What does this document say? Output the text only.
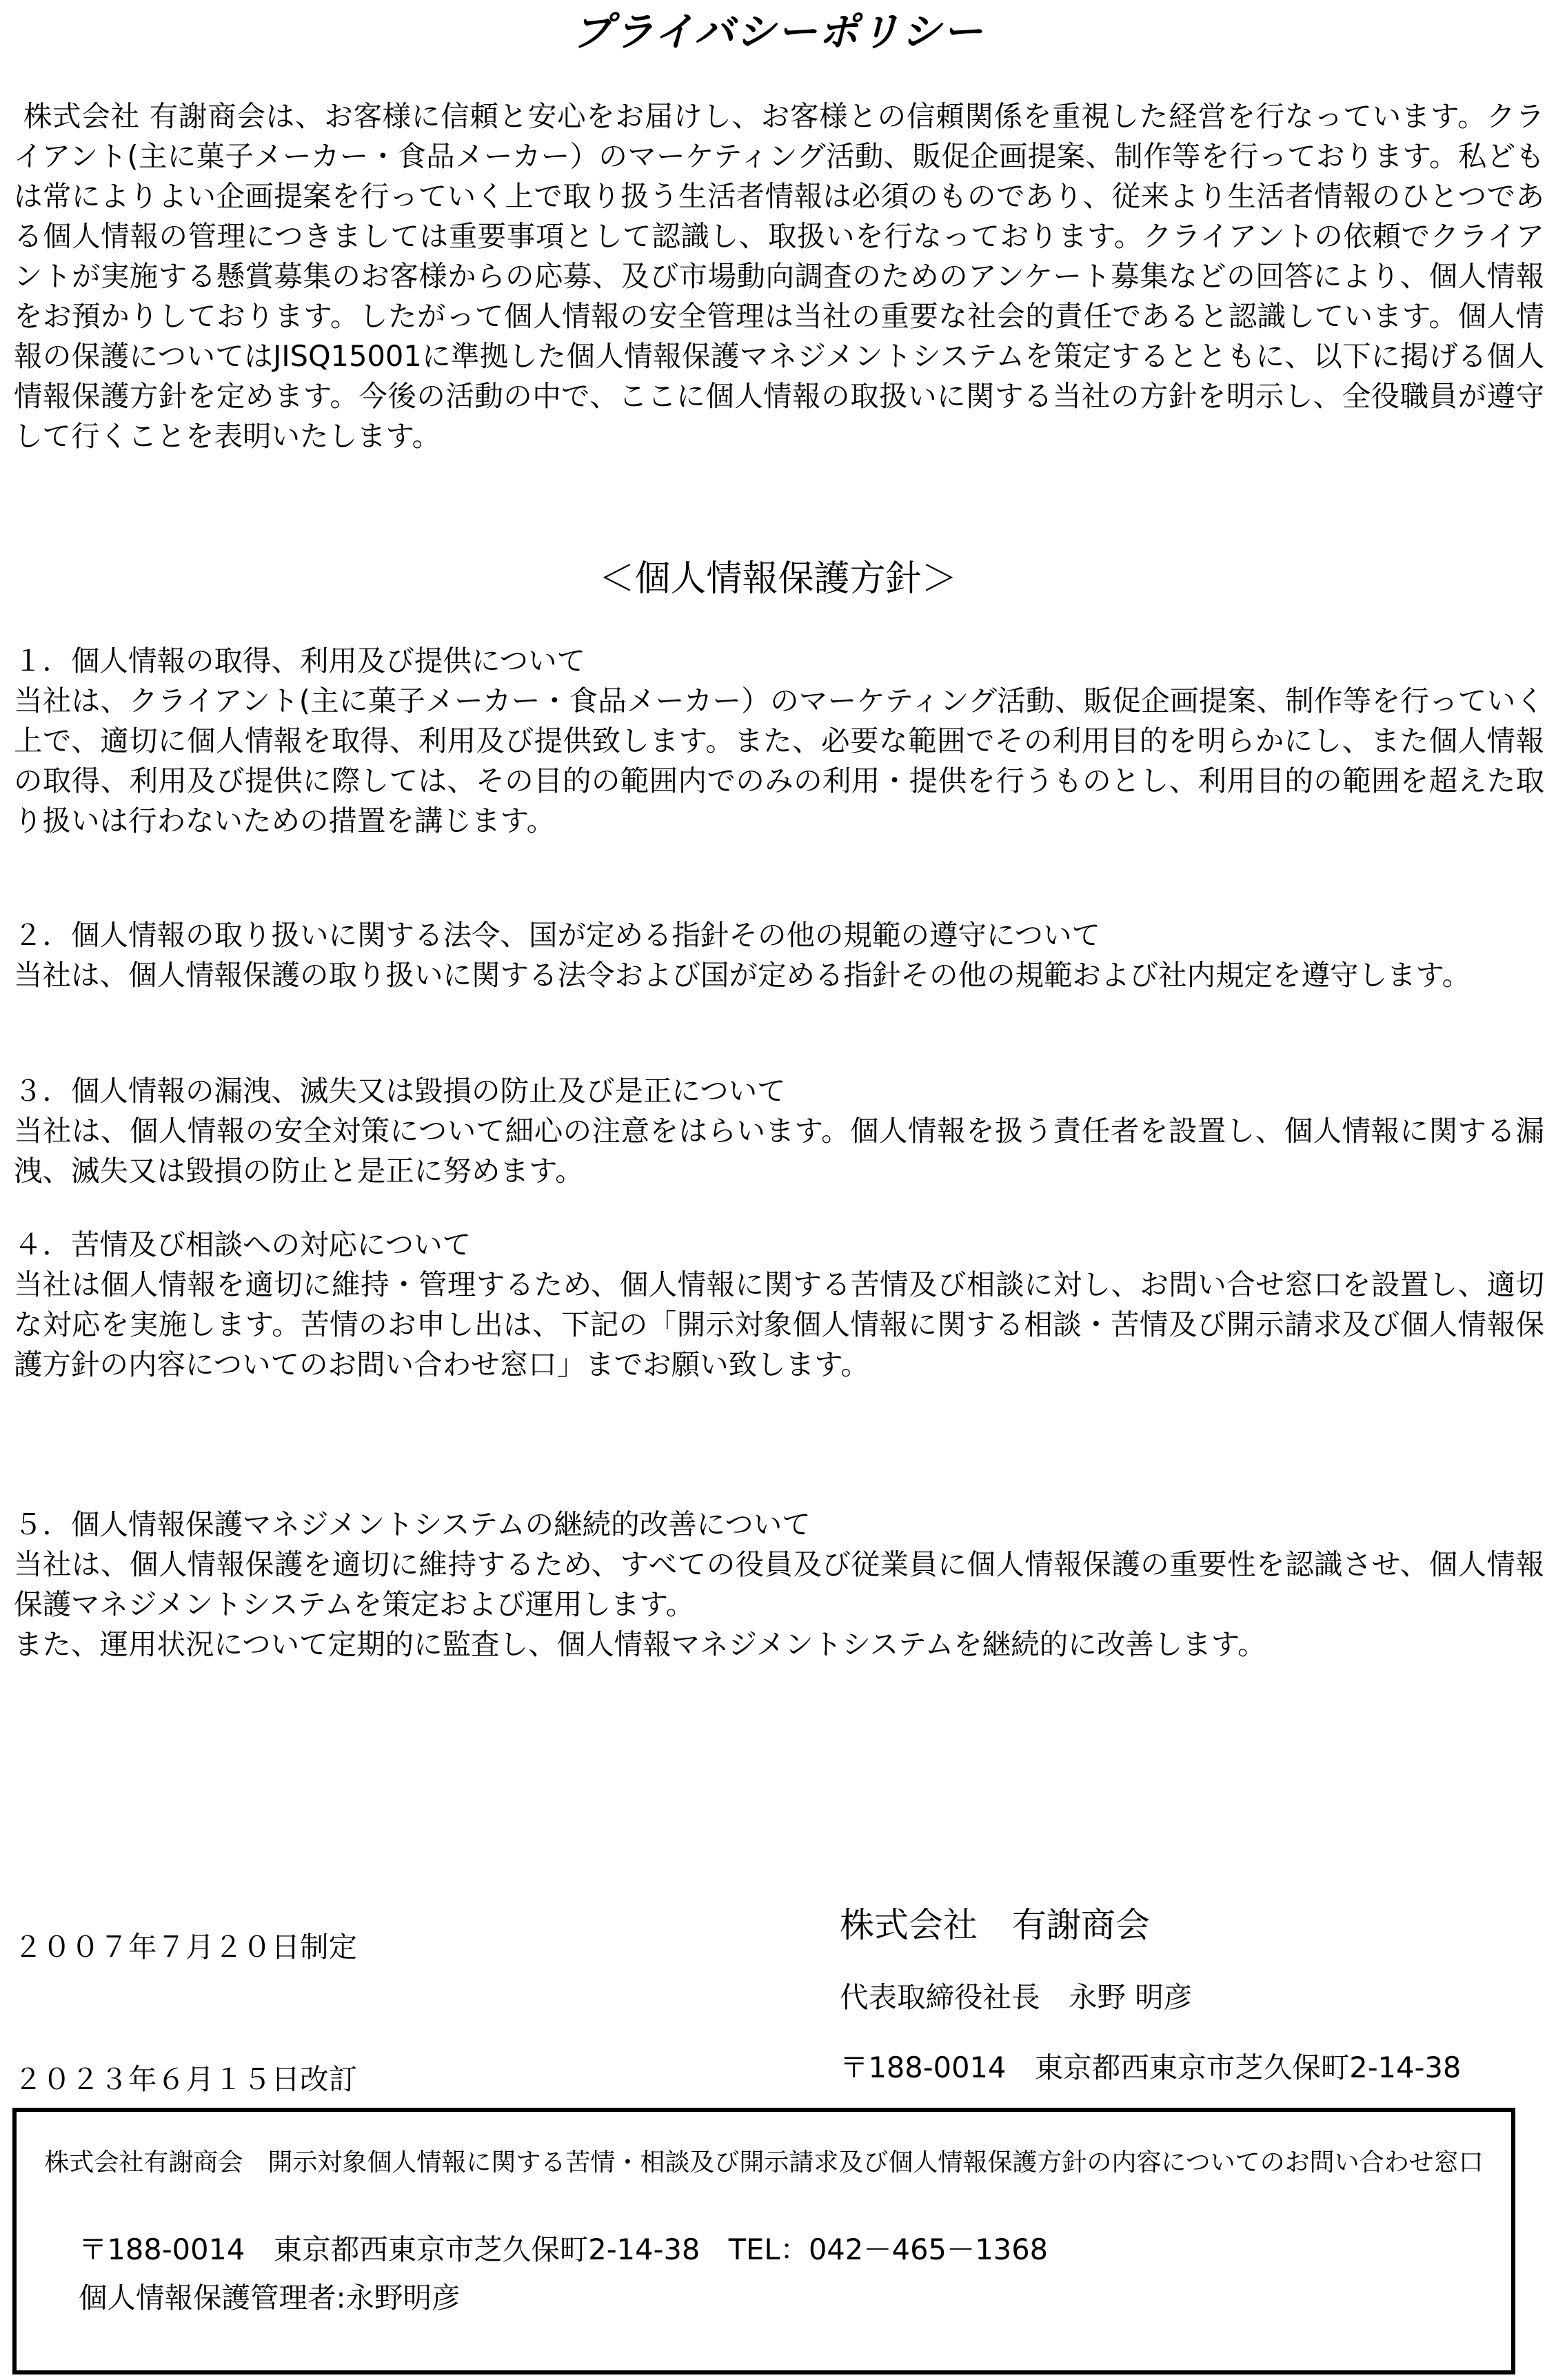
プライバシーポリシー

株式会社 有謝商会は、お客様に信頼と安心をお届けし、お客様との信頼関係を重視した経営を行なっています。クライアント(主に菓子メーカー・食品メーカー）のマーケティング活動、販促企画提案、制作等を行っております。私どもは常によりよい企画提案を行っていく上で取り扱う生活者情報は必須のものであり、従来より生活者情報のひとつである個人情報の管理につきましては重要事項として認識し、取扱いを行なっております。クライアントの依頼でクライアントが実施する懸賞募集のお客様からの応募、及び市場動向調査のためのアンケート募集などの回答により、個人情報をお預かりしております。したがって個人情報の安全管理は当社の重要な社会的責任であると認識しています。個人情報の保護についてはJISQ15001に準拠した個人情報保護マネジメントシステムを策定するとともに、以下に掲げる個人情報保護方針を定めます。今後の活動の中で、ここに個人情報の取扱いに関する当社の方針を明示し、全役職員が遵守して行くことを表明いたします。

＜個人情報保護方針＞
１．個人情報の取得、利用及び提供について
当社は、クライアント(主に菓子メーカー・食品メーカー）のマーケティング活動、販促企画提案、制作等を行っていく上で、適切に個人情報を取得、利用及び提供致します。また、必要な範囲でその利用目的を明らかにし、また個人情報の取得、利用及び提供に際しては、その目的の範囲内でのみの利用・提供を行うものとし、利用目的の範囲を超えた取り扱いは行わないための措置を講じます。
２．個人情報の取り扱いに関する法令、国が定める指針その他の規範の遵守について
当社は、個人情報保護の取り扱いに関する法令および国が定める指針その他の規範および社内規定を遵守します。
３．個人情報の漏洩、滅失又は毀損の防止及び是正について
当社は、個人情報の安全対策について細心の注意をはらいます。個人情報を扱う責任者を設置し、個人情報に関する漏洩、滅失又は毀損の防止と是正に努めます。
４．苦情及び相談への対応について
当社は個人情報を適切に維持・管理するため、個人情報に関する苦情及び相談に対し、お問い合せ窓口を設置し、適切な対応を実施します。苦情のお申し出は、下記の「開示対象個人情報に関する相談・苦情及び開示請求及び個人情報保護方針の内容についてのお問い合わせ窓口」までお願い致します。
５．個人情報保護マネジメントシステムの継続的改善について
当社は、個人情報保護を適切に維持するため、すべての役員及び従業員に個人情報保護の重要性を認識させ、個人情報保護マネジメントシステムを策定および運用します。
また、運用状況について定期的に監査し、個人情報マネジメントシステムを継続的に改善します。

２００７年７月２０日制定

２０２３年６月１５日改訂

株式会社　有謝商会

代表取締役社長　永野 明彦

〒188-0014　東京都西東京市芝久保町2-14-38

株式会社有謝商会　開示対象個人情報に関する苦情・相談及び開示請求及び個人情報保護方針の内容についてのお問い合わせ窓口
〒188-0014　東京都西東京市芝久保町2-14-38　TEL：042－465－1368
個人情報保護管理者:永野明彦
